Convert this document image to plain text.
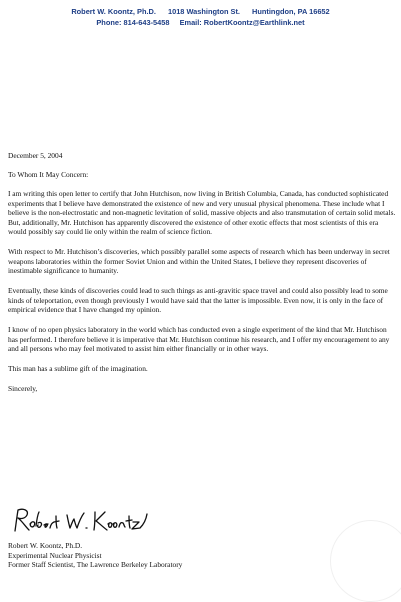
Robert W. Koontz, Ph.D. 1018 Washington St. Huntingdon, PA 16652
Phone: 814-643-5458 Email: RobertKoontz@Earthlink.net

December 5, 2004

To Whom It May Concern:

I am writing this open letter to certify that John Hutchison, now living in British Columbia, Canada, has conducted sophisticated experiments that I believe have demonstrated the existence of new and very unusual physical phenomena. These include what I believe is the non-electrostatic and non-magnetic levitation of solid, massive objects and also transmutation of certain solid metals. But, additionally, Mr. Hutchison has apparently discovered the existence of other exotic effects that most scientists of this era would possibly say could lie only within the realm of science fiction.

With respect to Mr. Hutchison’s discoveries, which possibly parallel some aspects of research which has been underway in secret weapons laboratories within the former Soviet Union and within the United States, I believe they represent discoveries of inestimable significance to humanity.

Eventually, these kinds of discoveries could lead to such things as anti-gravitic space travel and could also possibly lead to some kinds of teleportation, even though previously I would have said that the latter is impossible. Even now, it is only in the face of empirical evidence that I have changed my opinion.

I know of no open physics laboratory in the world which has conducted even a single experiment of the kind that Mr. Hutchison has performed. I therefore believe it is imperative that Mr. Hutchison continue his research, and I offer my encouragement to any and all persons who may feel motivated to assist him either financially or in other ways.

This man has a sublime gift of the imagination.

Sincerely,

Robert W. Koontz, Ph.D.

Experimental Nuclear Physicist

Former Staff Scientist, The Lawrence Berkeley Laboratory
